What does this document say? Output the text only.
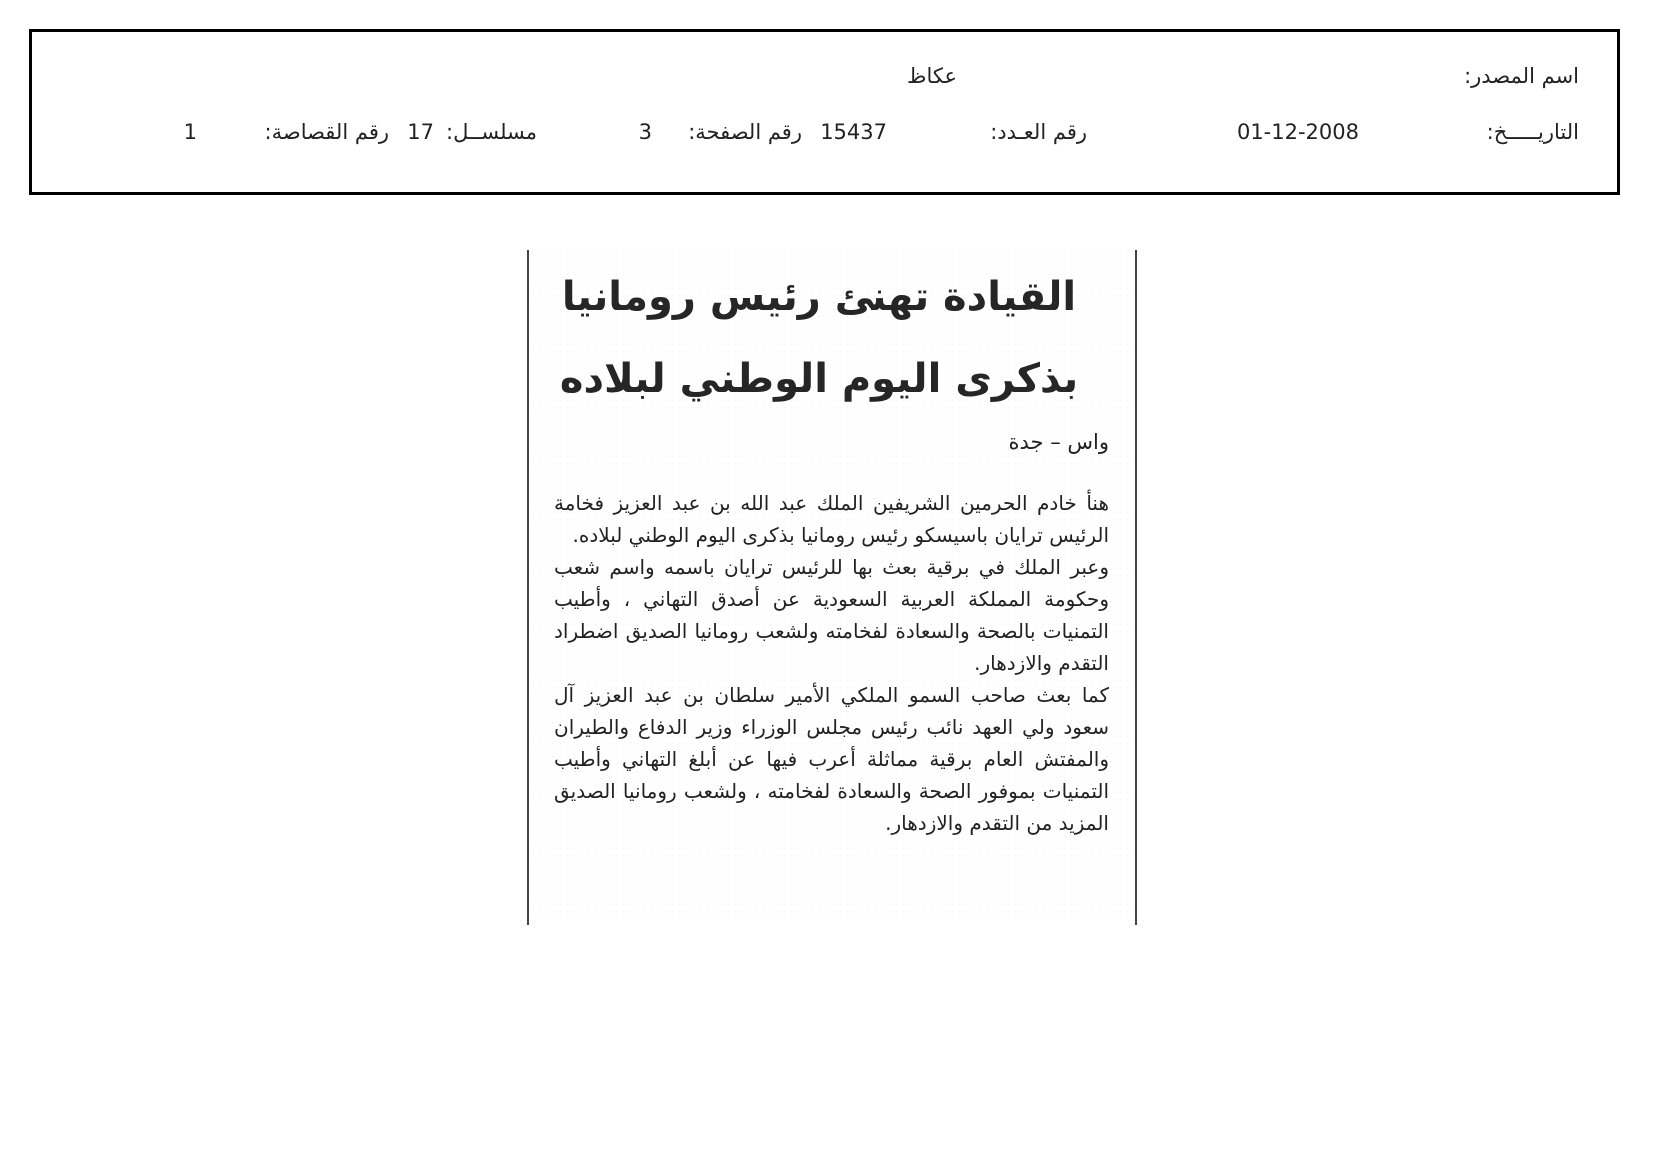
اسم المصدر:
عكاظ
التاريـــــخ:
01-12-2008
رقم العـدد:
15437
رقم الصفحة:
3
مسلســل:
17
رقم القصاصة:
1
القيادة تهنئ رئيس رومانيا
بذكرى اليوم الوطني لبلاده
واس – جدة

هنأ خادم الحرمين الشريفين الملك عبد الله بن عبد العزيز فخامة الرئيس ترايان باسيسكو رئيس رومانيا بذكرى اليوم الوطني لبلاده.

وعبر الملك في برقية بعث بها للرئيس ترايان باسمه واسم شعب وحكومة المملكة العربية السعودية عن أصدق التهاني ، وأطيب التمنيات بالصحة والسعادة لفخامته ولشعب رومانيا الصديق اضطراد التقدم والازدهار.

كما بعث صاحب السمو الملكي الأمير سلطان بن عبد العزيز آل سعود ولي العهد نائب رئيس مجلس الوزراء وزير الدفاع والطيران والمفتش العام برقية مماثلة أعرب فيها عن أبلغ التهاني وأطيب التمنيات بموفور الصحة والسعادة لفخامته ، ولشعب رومانيا الصديق المزيد من التقدم والازدهار.
